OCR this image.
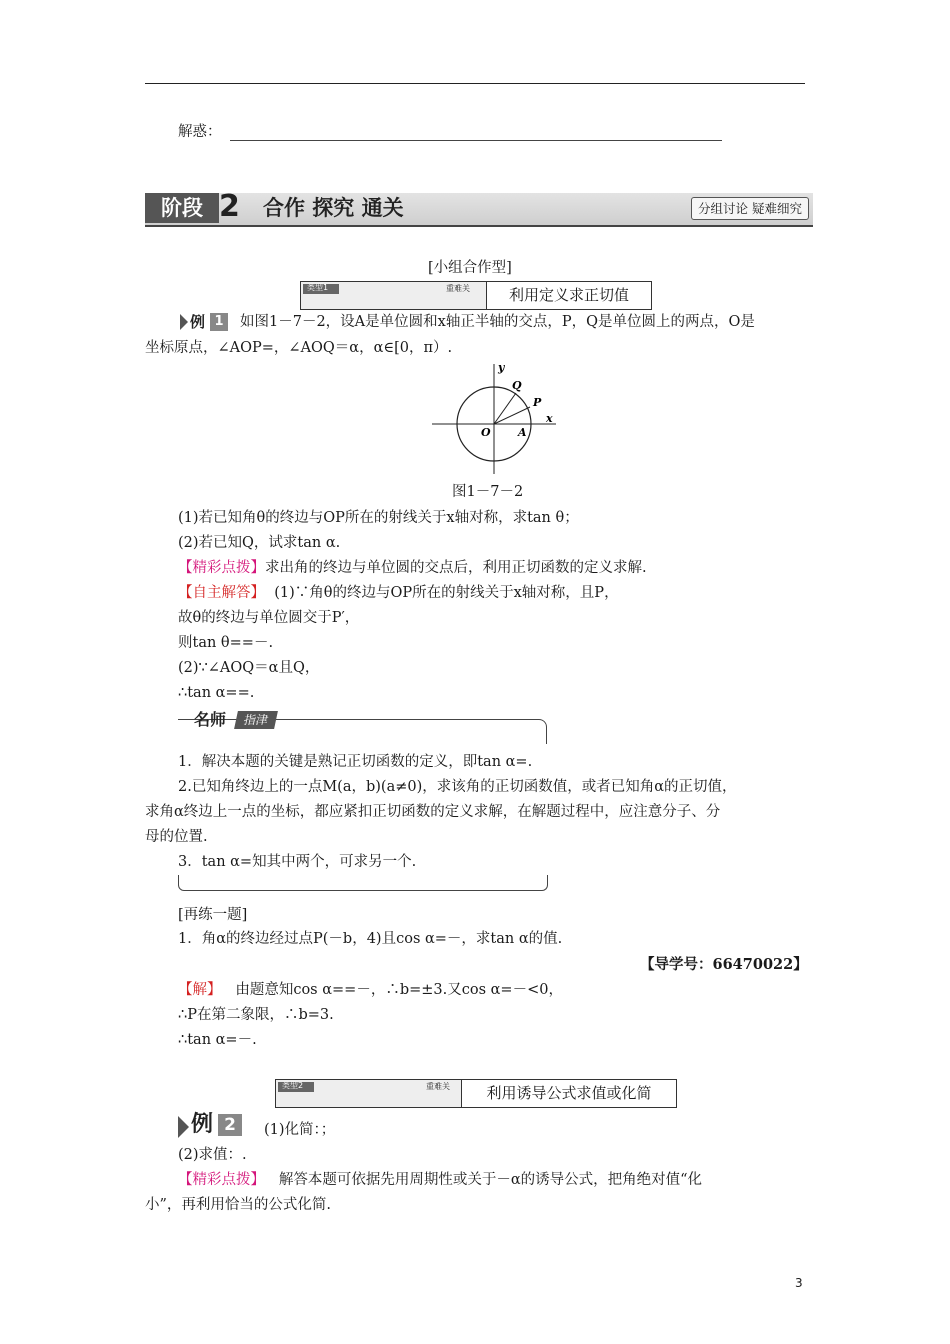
解惑：
阶段 2 合作 探究 通关	分组讨论 疑难细究
[小组合作型]
类型1	重难关	利用定义求正切值
例 1	如图1－7－2，设A是单位圆和x轴正半轴的交点，P，Q是单位圆上的两点，O是
坐标原点，∠AOP=，∠AOQ＝α，α∈[0，π）.
y
x
O A
P
Q
图1－7－2
(1)若已知角θ的终边与OP所在的射线关于x轴对称，求tan θ；
(2)若已知Q，试求tan α.
【精彩点拨】求出角的终边与单位圆的交点后，利用正切函数的定义求解.
【自主解答】 (1)∵角θ的终边与OP所在的射线关于x轴对称，且P，
故θ的终边与单位圆交于P′，
则tan θ==－.
(2)∵∠AOQ＝α且Q，
∴tan α==.
名师	指津
1．解决本题的关键是熟记正切函数的定义，即tan α=.
2.已知角终边上的一点M(a，b)(a≠0)，求该角的正切函数值，或者已知角α的正切值，
求角α终边上一点的坐标，都应紧扣正切函数的定义求解，在解题过程中，应注意分子、分
母的位置.
3．tan α=知其中两个，可求另一个.
[再练一题]
1．角α的终边经过点P(－b，4)且cos α=－，求tan α的值.
【导学号：66470022】
【解】 由题意知cos α==－，∴b=±3.又cos α=－<0，
∴P在第二象限，∴b=3.
∴tan α=－.
类型2	重难关	利用诱导公式求值或化简
例 2	(1)化简：；
(2)求值：.
【精彩点拨】 解答本题可依据先用周期性或关于－α的诱导公式，把角绝对值“化
小”，再利用恰当的公式化简.
3
